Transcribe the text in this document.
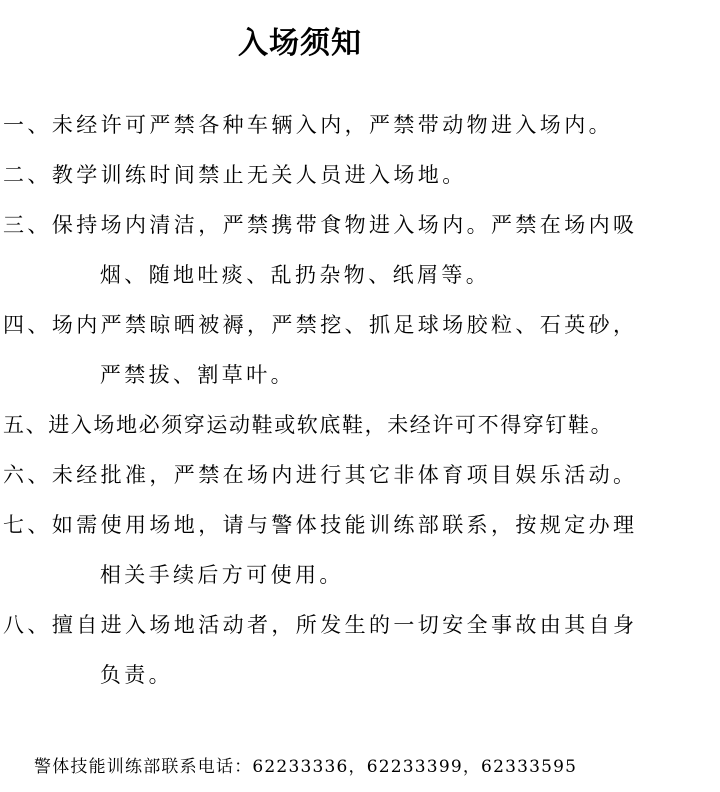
入场须知
一、 未经许可严禁各种车辆入内，严禁带动物进入场内。
二、 教学训练时间禁止无关人员进入场地。
三、 保持场内清洁，严禁携带食物进入场内。严禁在场内吸
烟、随地吐痰、乱扔杂物、纸屑等。
四、 场内严禁晾晒被褥，严禁挖、抓足球场胶粒、石英砂，
严禁拔、割草叶。
五、 进入场地必须穿运动鞋或软底鞋，未经许可不得穿钉鞋。
六、 未经批准，严禁在场内进行其它非体育项目娱乐活动。
七、 如需使用场地，请与警体技能训练部联系，按规定办理
相关手续后方可使用。
八、 擅自进入场地活动者，所发生的一切安全事故由其自身
负责。
警体技能训练部联系电话：62233336，62233399，62333595
